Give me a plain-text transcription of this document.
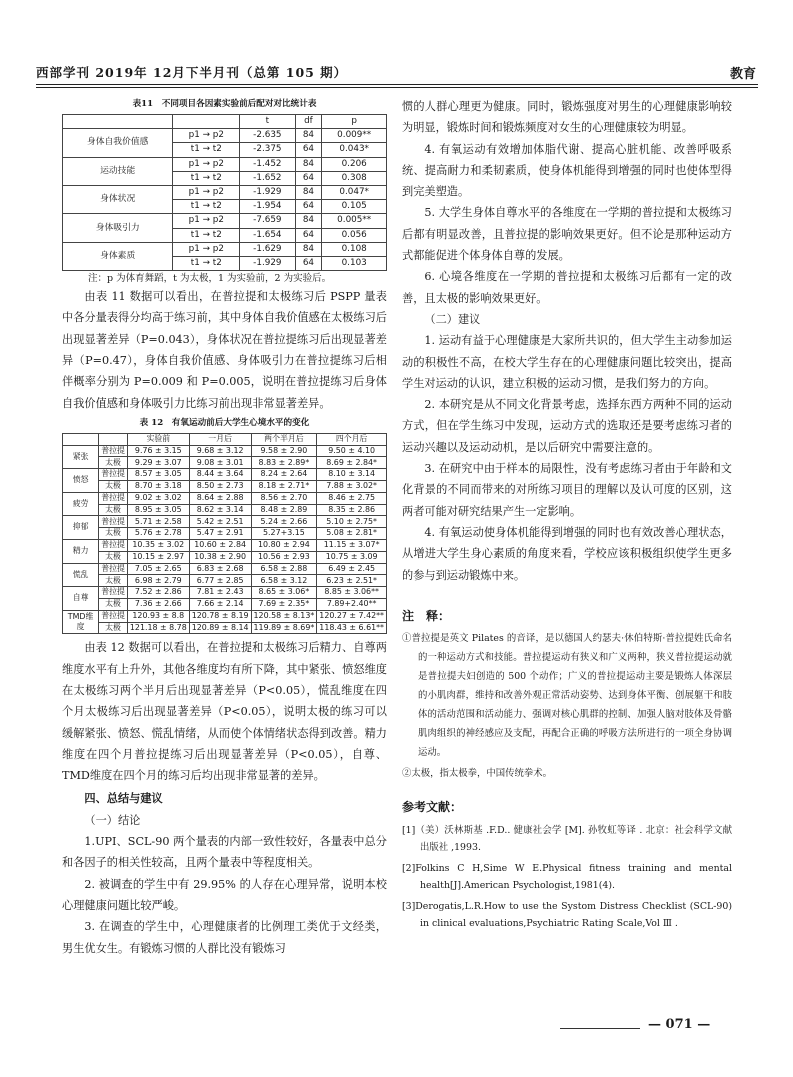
西部学刊 2019年 12月下半月刊（总第 105 期）	教育
表11　不同项目各因素实验前后配对对比统计表
		t	df	p
身体自我价值感	p1 → p2	-2.635	84	0.009**
	t1 → t2	-2.375	64	0.043*
运动技能	p1 → p2	-1.452	84	0.206
	t1 → t2	-1.652	64	0.308
身体状况	p1 → p2	-1.929	84	0.047*
	t1 → t2	-1.954	64	0.105
身体吸引力	p1 → p2	-7.659	84	0.005**
	t1 → t2	-1.654	64	0.056
身体素质	p1 → p2	-1.629	84	0.108
	t1 → t2	-1.929	64	0.103
注：p 为体育舞蹈，t 为太极，1 为实验前，2 为实验后。

由表 11 数据可以看出，在普拉提和太极练习后 PSPP 量表中各分量表得分均高于练习前，其中身体自我价值感在太极练习后出现显著差异（P=0.043），身体状况在普拉提练习后出现显著差异（P=0.47），身体自我价值感、身体吸引力在普拉提练习后相伴概率分别为 P=0.009 和 P=0.005，说明在普拉提练习后身体自我价值感和身体吸引力比练习前出现非常显著差异。

表 12　有氧运动前后大学生心境水平的变化
		实验前	一月后	两个半月后	四个月后
紧张	普拉提	9.76 ± 3.15	9.68 ± 3.12	9.58 ± 2.90	9.50 ± 4.10
	太极	9.29 ± 3.07	9.08 ± 3.01	8.83 ± 2.89*	8.69 ± 2.84*
愤怒	普拉提	8.57 ± 3.05	8.44 ± 3.64	8.24 ± 2.64	8.10 ± 3.14
	太极	8.70 ± 3.18	8.50 ± 2.73	8.18 ± 2.71*	7.88 ± 3.02*
疲劳	普拉提	9.02 ± 3.02	8.64 ± 2.88	8.56 ± 2.70	8.46 ± 2.75
	太极	8.95 ± 3.05	8.62 ± 3.14	8.48 ± 2.89	8.35 ± 2.86
抑郁	普拉提	5.71 ± 2.58	5.42 ± 2.51	5.24 ± 2.66	5.10 ± 2.75*
	太极	5.76 ± 2.78	5.47 ± 2.91	5.27+3.15	5.08 ± 2.81*
精力	普拉提	10.35 ± 3.02	10.60 ± 2.84	10.80 ± 2.94	11.15 ± 3.07*
	太极	10.15 ± 2.97	10.38 ± 2.90	10.56 ± 2.93	10.75 ± 3.09
慌乱	普拉提	7.05 ± 2.65	6.83 ± 2.68	6.58 ± 2.88	6.49 ± 2.45
	太极	6.98 ± 2.79	6.77 ± 2.85	6.58 ± 3.12	6.23 ± 2.51*
自尊	普拉提	7.52 ± 2.86	7.81 ± 2.43	8.65 ± 3.06*	8.85 ± 3.06**
	太极	7.36 ± 2.66	7.66 ± 2.14	7.69 ± 2.35*	7.89+2.40**
TMD维度	普拉提	120.93 ± 8.8	120.78 ± 8.19	120.58 ± 8.13*	120.27 ± 7.42**
	太极	121.18 ± 8.78	120.89 ± 8.14	119.89 ± 8.69*	118.43 ± 6.61**

由表 12 数据可以看出，在普拉提和太极练习后精力、自尊两维度水平有上升外，其他各维度均有所下降，其中紧张、愤怒维度在太极练习两个半月后出现显著差异（P<0.05），慌乱维度在四个月太极练习后出现显著差异（P<0.05），说明太极的练习可以缓解紧张、愤怒、慌乱情绪，从而使个体情绪状态得到改善。精力维度在四个月普拉提练习后出现显著差异（P<0.05），自尊、TMD维度在四个月的练习后均出现非常显著的差异。

四、总结与建议
（一）结论

1.UPI、SCL-90 两个量表的内部一致性较好，各量表中总分和各因子的相关性较高，且两个量表中等程度相关。

2. 被调查的学生中有 29.95% 的人存在心理异常，说明本校心理健康问题比较严峻。

3. 在调查的学生中，心理健康者的比例理工类优于文经类，男生优女生。有锻炼习惯的人群比没有锻炼习

惯的人群心理更为健康。同时，锻炼强度对男生的心理健康影响较为明显，锻炼时间和锻炼频度对女生的心理健康较为明显。

4. 有氧运动有效增加体脂代谢、提高心脏机能、改善呼吸系统、提高耐力和柔韧素质，使身体机能得到增强的同时也使体型得到完美塑造。

5. 大学生身体自尊水平的各维度在一学期的普拉提和太极练习后都有明显改善，且普拉提的影响效果更好。但不论是那种运动方式都能促进个体身体自尊的发展。

6. 心境各维度在一学期的普拉提和太极练习后都有一定的改善，且太极的影响效果更好。

（二）建议

1. 运动有益于心理健康是大家所共识的，但大学生主动参加运动的积极性不高，在校大学生存在的心理健康问题比较突出，提高学生对运动的认识，建立积极的运动习惯，是我们努力的方向。

2. 本研究是从不同文化背景考虑，选择东西方两种不同的运动方式，但在学生练习中发现，运动方式的选取还是要考虑练习者的运动兴趣以及运动动机，是以后研究中需要注意的。

3. 在研究中由于样本的局限性，没有考虑练习者由于年龄和文化背景的不同而带来的对所练习项目的理解以及认可度的区别，这两者可能对研究结果产生一定影响。

4. 有氧运动使身体机能得到增强的同时也有效改善心理状态，从增进大学生身心素质的角度来看，学校应该积极组织使学生更多的参与到运动锻炼中来。

注　释：

①普拉提是英文 Pilates 的音译，是以德国人约瑟夫·休伯特斯·普拉提姓氏命名的一种运动方式和技能。普拉提运动有狭义和广义两种，狭义普拉提运动就是普拉提夫妇创造的 500 个动作；广义的普拉提运动主要是锻炼人体深层的小肌肉群，维持和改善外观正常活动姿势、达到身体平衡、创展躯干和肢体的活动范围和活动能力、强调对核心肌群的控制、加强人脑对肢体及骨骼肌肉组织的神经感应及支配，再配合正确的呼吸方法所进行的一项全身协调运动。

②太极，指太极拳，中国传统拳术。

参考文献：

[1]（美）沃林斯基 .F.D.. 健康社会学 [M]. 孙牧虹等译 . 北京：社会科学文献出版社 ,1993.

[2]Folkins C H,Sime W E.Physical fitness training and mental health[J].American Psychologist,1981(4).

[3]Derogatis,L.R.How to use the Systom Distress Checklist (SCL-90) in clinical evaluations,Psychiatric Rating Scale,Vol Ⅲ .

— 071 —
